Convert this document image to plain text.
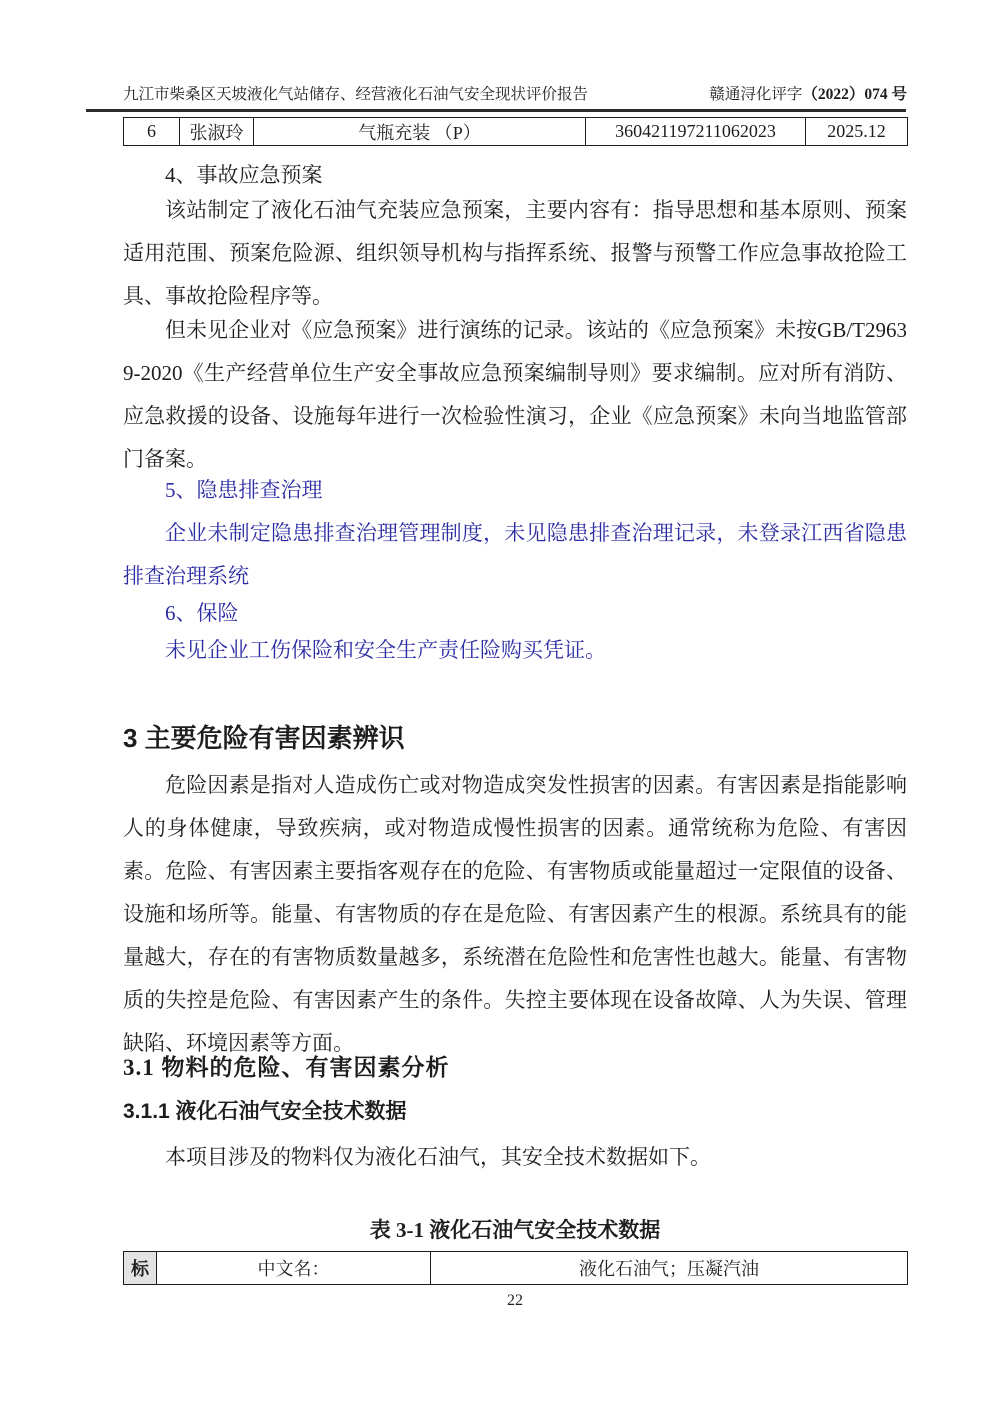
九江市柴桑区天坡液化气站储存、经营液化石油气安全现状评价报告	赣通浔化评字（2022）074 号
6	张淑玲	气瓶充装 （P）	360421197211062023	2025.12
4、事故应急预案
该站制定了液化石油气充装应急预案，主要内容有：指导思想和基本原则、预案适用范围、预案危险源、组织领导机构与指挥系统、报警与预警工作应急事故抢险工具、事故抢险程序等。
但未见企业对《应急预案》进行演练的记录。该站的《应急预案》未按GB/T29639-2020《生产经营单位生产安全事故应急预案编制导则》要求编制。应对所有消防、应急救援的设备、设施每年进行一次检验性演习，企业《应急预案》未向当地监管部门备案。
5、隐患排查治理
企业未制定隐患排查治理管理制度，未见隐患排查治理记录，未登录江西省隐患排查治理系统
6、保险
未见企业工伤保险和安全生产责任险购买凭证。
3 主要危险有害因素辨识
危险因素是指对人造成伤亡或对物造成突发性损害的因素。有害因素是指能影响人的身体健康，导致疾病，或对物造成慢性损害的因素。通常统称为危险、有害因素。危险、有害因素主要指客观存在的危险、有害物质或能量超过一定限值的设备、设施和场所等。能量、有害物质的存在是危险、有害因素产生的根源。系统具有的能量越大，存在的有害物质数量越多，系统潜在危险性和危害性也越大。能量、有害物质的失控是危险、有害因素产生的条件。失控主要体现在设备故障、人为失误、管理缺陷、环境因素等方面。
3.1 物料的危险、有害因素分析
3.1.1 液化石油气安全技术数据
本项目涉及的物料仅为液化石油气，其安全技术数据如下。
表 3-1 液化石油气安全技术数据
标	中文名：	液化石油气；压凝汽油
22
